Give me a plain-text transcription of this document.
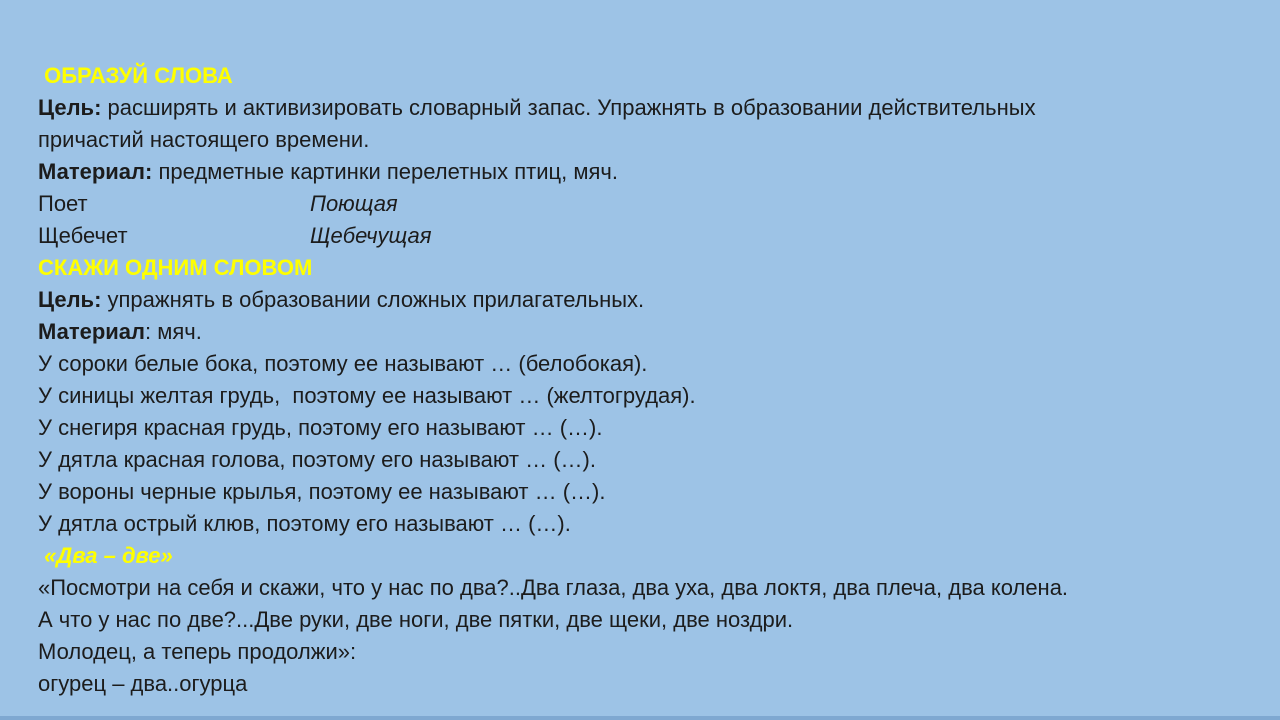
ОБРАЗУЙ СЛОВА
Цель: расширять и активизировать словарный запас. Упражнять в образовании действительных
причастий настоящего времени.
Материал: предметные картинки перелетных птиц, мяч.
Поет	Поющая
Щебечет	Щебечущая
СКАЖИ ОДНИМ СЛОВОМ
Цель: упражнять в образовании сложных прилагательных.
Материал: мяч.
У сороки белые бока, поэтому ее называют … (белобокая).
У синицы желтая грудь,  поэтому ее называют … (желтогрудая).
У снегиря красная грудь, поэтому его называют … (…).
У дятла красная голова, поэтому его называют … (…).
У вороны черные крылья, поэтому ее называют … (…).
У дятла острый клюв, поэтому его называют … (…).
«Два – две»
«Посмотри на себя и скажи, что у нас по два?..Два глаза, два уха, два локтя, два плеча, два колена.
А что у нас по две?...Две руки, две ноги, две пятки, две щеки, две ноздри.
Молодец, а теперь продолжи»:
огурец – два..огурца
